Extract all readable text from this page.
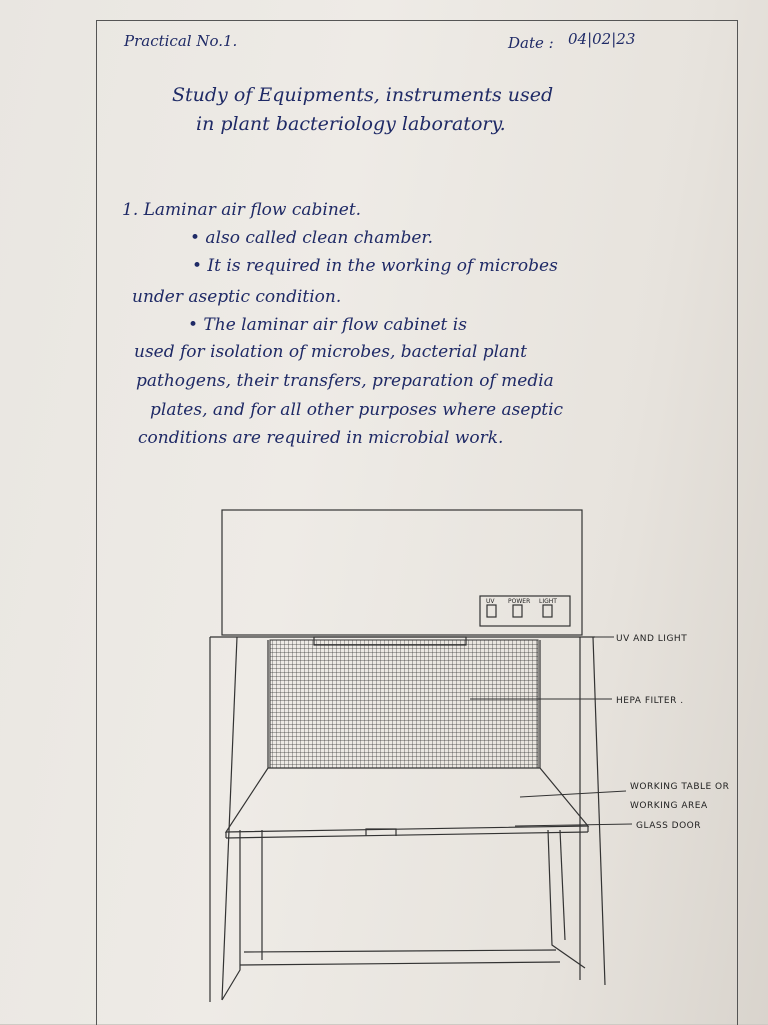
Practical No.1.	Date : 04|02|23
Study of Equipments, instruments used
in plant bacteriology laboratory.
1. Laminar air flow cabinet.
• also called clean chamber.
• It is required in the working of microbes
under aseptic condition.
• The laminar air flow cabinet is
used for isolation of microbes, bacterial plant
pathogens, their transfers, preparation of media
plates, and for all other purposes where aseptic
conditions are required in microbial work.
UV POWER LIGHT
UV AND LIGHT
HEPA FILTER .
WORKING TABLE OR
WORKING AREA
GLASS DOOR
